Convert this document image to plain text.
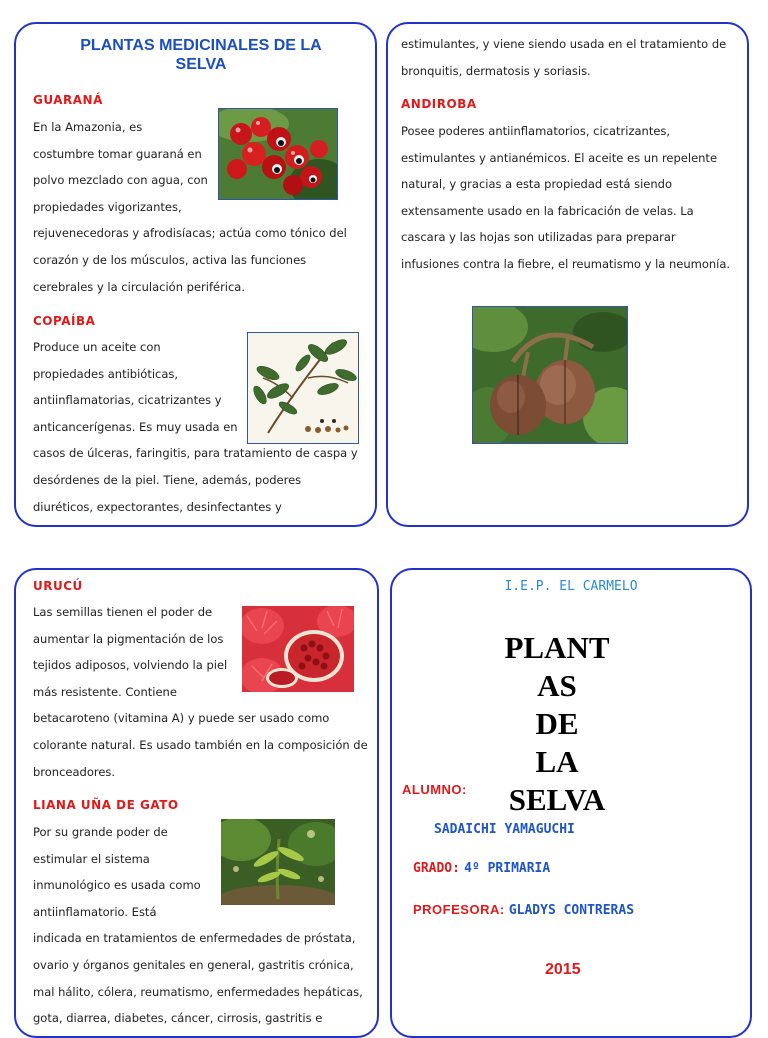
PLANTAS MEDICINALES DE LA SELVA
GUARANÁ
En la Amazonia, es
costumbre tomar guaraná en
polvo mezclado con agua, con
propiedades vigorizantes,
rejuvenecedoras y afrodisíacas; actúa como tónico del
corazón y de los músculos, activa las funciones
cerebrales y la circulación periférica.
COPAÍBA
Produce un aceite con
propiedades antibióticas,
antiinflamatorias, cicatrizantes y
anticancerígenas. Es muy usada en
casos de úlceras, faringitis, para tratamiento de caspa y
desórdenes de la piel. Tiene, además, poderes
diuréticos, expectorantes, desinfectantes y
estimulantes, y viene siendo usada en el tratamiento de
bronquitis, dermatosis y soriasis.
ANDIROBA
Posee poderes antiinflamatorios, cicatrizantes,
estimulantes y antianémicos. El aceite es un repelente
natural, y gracias a esta propiedad está siendo
extensamente usado en la fabricación de velas. La
cascara y las hojas son utilizadas para preparar
infusiones contra la fiebre, el reumatismo y la neumonía.
URUCÚ
Las semillas tienen el poder de
aumentar la pigmentación de los
tejidos adiposos, volviendo la piel
más resistente. Contiene
betacaroteno (vitamina A) y puede ser usado como
colorante natural. Es usado también en la composición de
bronceadores.
LIANA UÑA DE GATO
Por su grande poder de
estimular el sistema
inmunológico es usada como
antiinflamatorio. Está
indicada en tratamientos de enfermedades de próstata,
ovario y órganos genitales en general, gastritis crónica,
mal hálito, cólera, reumatismo, enfermedades hepáticas,
gota, diarrea, diabetes, cáncer, cirrosis, gastritis e
I.E.P. EL CARMELO
PLANT
AS
DE
LA
SELVA
ALUMNO:
SADAICHI YAMAGUCHI
GRADO: 4º PRIMARIA
PROFESORA: GLADYS CONTRERAS
2015
